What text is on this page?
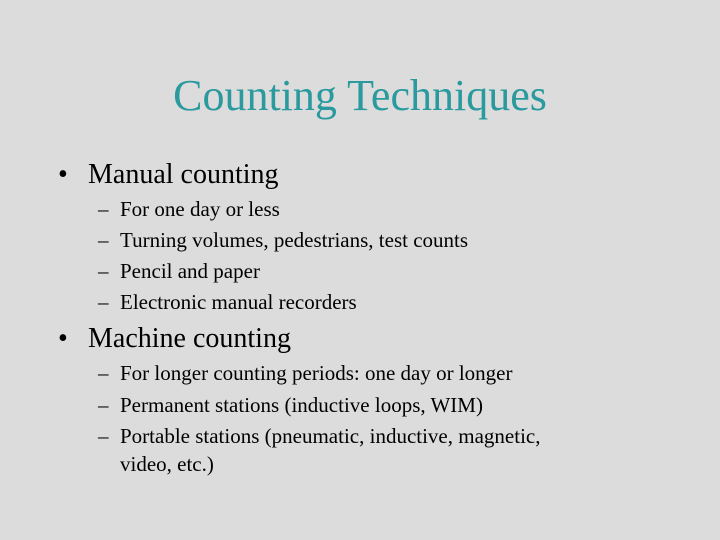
Counting Techniques
• Manual counting
– For one day or less
– Turning volumes, pedestrians, test counts
– Pencil and paper
– Electronic manual recorders
• Machine counting
– For longer counting periods: one day or longer
– Permanent stations (inductive loops, WIM)
– Portable stations (pneumatic, inductive, magnetic,
video, etc.)
